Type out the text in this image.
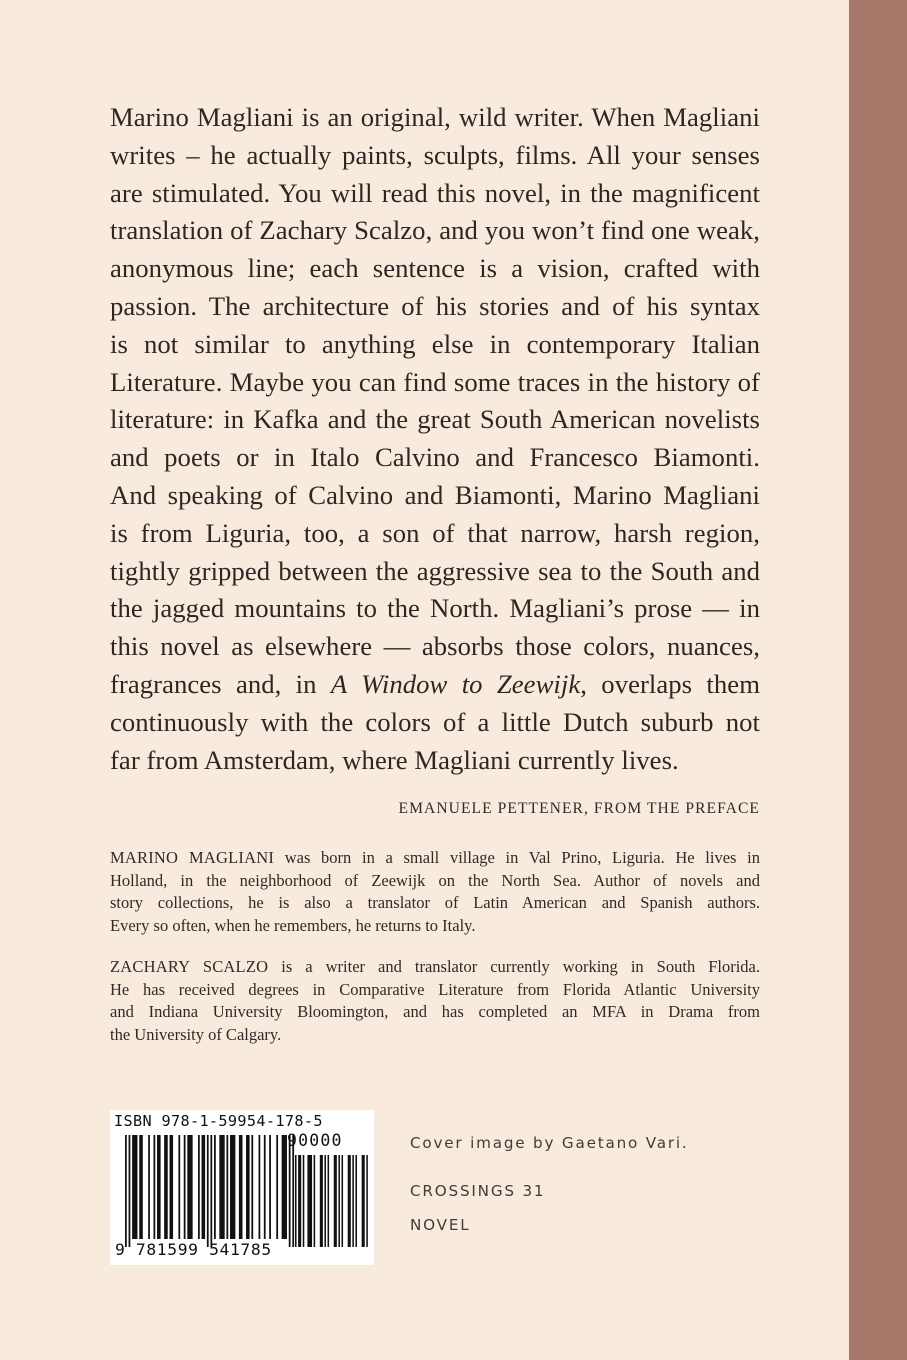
Marino Magliani is an original, wild writer. When Magliani
writes – he actually paints, sculpts, films. All your senses
are stimulated. You will read this novel, in the magnificent
translation of Zachary Scalzo, and you won’t find one weak,
anonymous line; each sentence is a vision, crafted with
passion. The architecture of his stories and of his syntax
is not similar to anything else in contemporary Italian
Literature. Maybe you can find some traces in the history of
literature: in Kafka and the great South American novelists
and poets or in Italo Calvino and Francesco Biamonti.
And speaking of Calvino and Biamonti, Marino Magliani
is from Liguria, too, a son of that narrow, harsh region,
tightly gripped between the aggressive sea to the South and
the jagged mountains to the North. Magliani’s prose — in
this novel as elsewhere — absorbs those colors, nuances,
fragrances and, in A Window to Zeewijk, overlaps them
continuously with the colors of a little Dutch suburb not
far from Amsterdam, where Magliani currently lives.
EMANUELE PETTENER, FROM THE PREFACE
MARINO MAGLIANI was born in a small village in Val Prino, Liguria. He lives in
Holland, in the neighborhood of Zeewijk on the North Sea. Author of novels and
story collections, he is also a translator of Latin American and Spanish authors.
Every so often, when he remembers, he returns to Italy.
ZACHARY SCALZO is a writer and translator currently working in South Florida.
He has received degrees in Comparative Literature from Florida Atlantic University
and Indiana University Bloomington, and has completed an MFA in Drama from
the University of Calgary.
ISBN 978-1-59954-178-5
90000
9 781599 541785
Cover image by Gaetano Vari.
CROSSINGS 31
NOVEL
